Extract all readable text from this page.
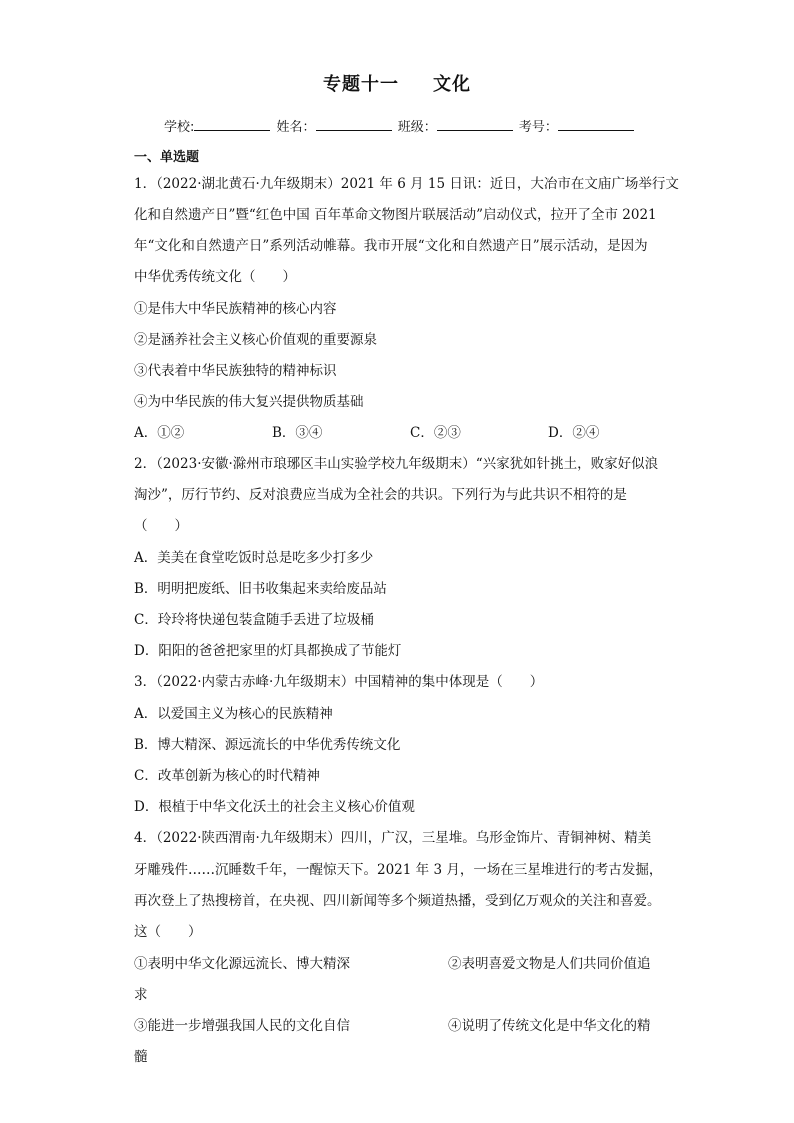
专题十一 文化
学校:	姓名：	班级：	考号：
一、单选题
1．（2022·湖北黄石·九年级期末）2021 年 6 月 15 日讯：近日，大冶市在文庙广场举行文
化和自然遗产日”暨“红色中国 百年革命文物图片联展活动”启动仪式，拉开了全市 2021
年“文化和自然遗产日”系列活动帷幕。我市开展“文化和自然遗产日”展示活动，是因为
中华优秀传统文化（　　）
①是伟大中华民族精神的核心内容
②是涵养社会主义核心价值观的重要源泉
③代表着中华民族独特的精神标识
④为中华民族的伟大复兴提供物质基础
A．①②	B．③④	C．②③	D．②④
2．（2023·安徽·滁州市琅琊区丰山实验学校九年级期末）“兴家犹如针挑土，败家好似浪
淘沙”，厉行节约、反对浪费应当成为全社会的共识。下列行为与此共识不相符的是
（　　）
A．美美在食堂吃饭时总是吃多少打多少
B．明明把废纸、旧书收集起来卖给废品站
C．玲玲将快递包装盒随手丢进了垃圾桶
D．阳阳的爸爸把家里的灯具都换成了节能灯
3．（2022·内蒙古赤峰·九年级期末）中国精神的集中体现是（　　）
A．以爱国主义为核心的民族精神
B．博大精深、源远流长的中华优秀传统文化
C．改革创新为核心的时代精神
D．根植于中华文化沃土的社会主义核心价值观
4．（2022·陕西渭南·九年级期末）四川，广汉，三星堆。乌形金饰片、青铜神树、精美
牙雕残件……沉睡数千年，一醒惊天下。2021 年 3 月，一场在三星堆进行的考古发掘，
再次登上了热搜榜首，在央视、四川新闻等多个频道热播，受到亿万观众的关注和喜爱。
这（　　）
①表明中华文化源远流长、博大精深	②表明喜爱文物是人们共同价值追
求
③能进一步增强我国人民的文化自信	④说明了传统文化是中华文化的精
髓
